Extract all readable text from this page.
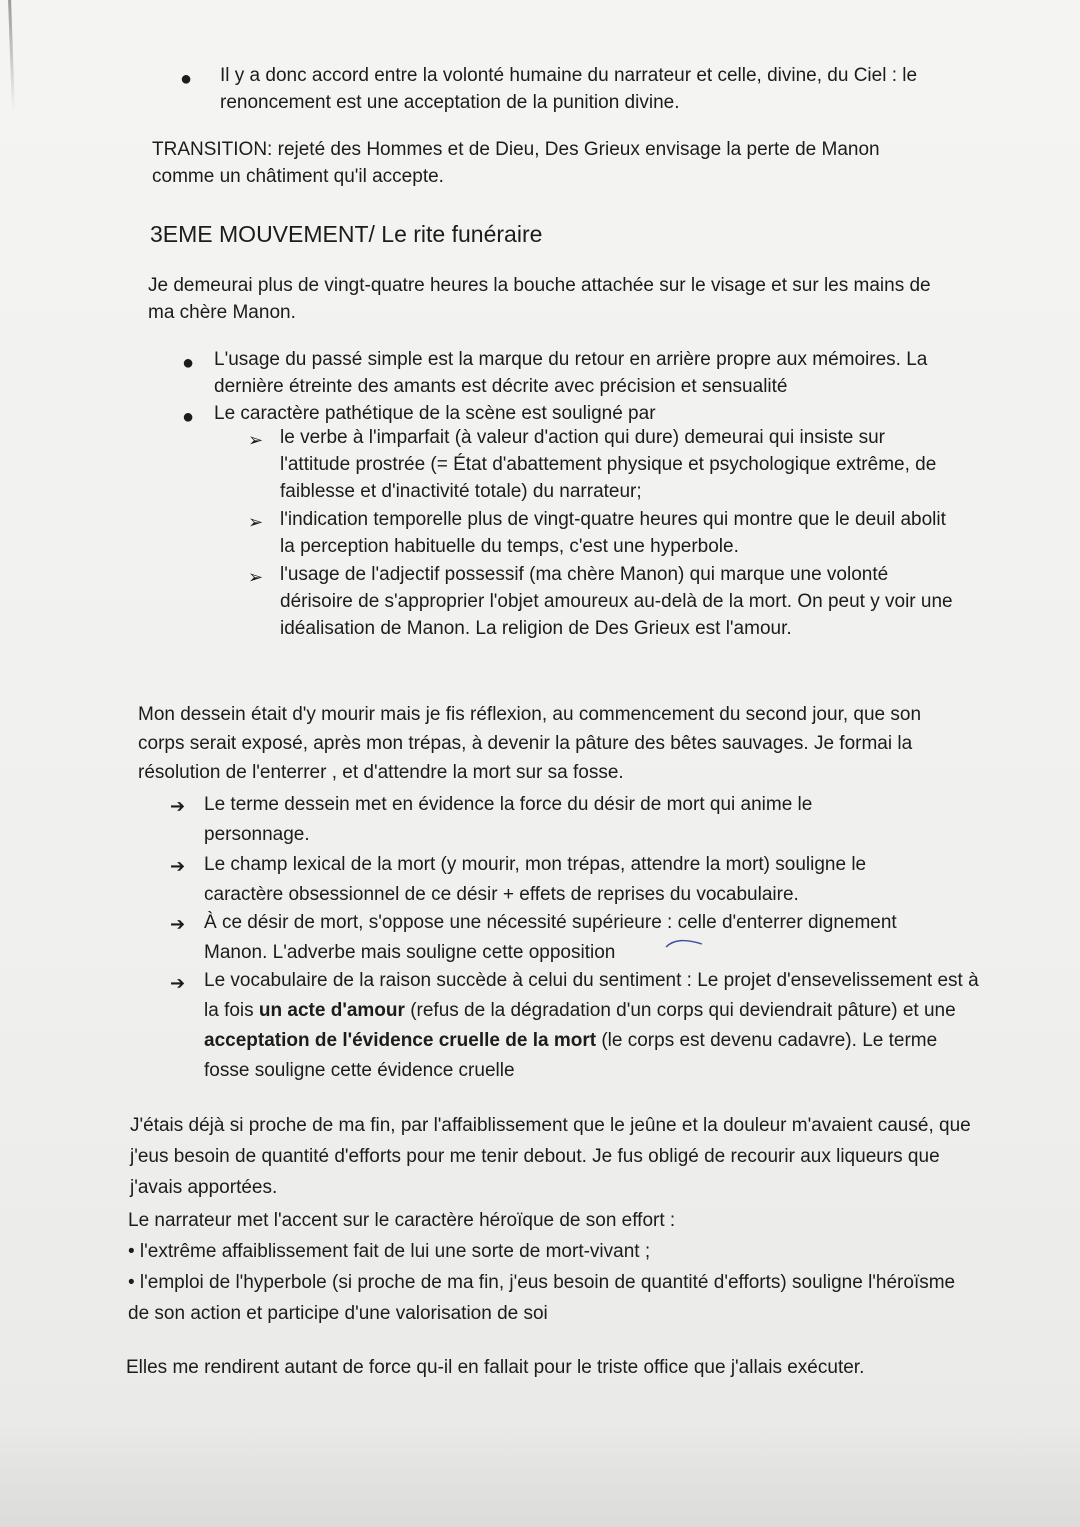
● Il y a donc accord entre la volonté humaine du narrateur et celle, divine, du Ciel : le renoncement est une acceptation de la punition divine.
TRANSITION: rejeté des Hommes et de Dieu, Des Grieux envisage la perte de Manon comme un châtiment qu'il accepte.
3EME MOUVEMENT/ Le rite funéraire
Je demeurai plus de vingt-quatre heures la bouche attachée sur le visage et sur les mains de ma chère Manon.
● L'usage du passé simple est la marque du retour en arrière propre aux mémoires. La dernière étreinte des amants est décrite avec précision et sensualité
● Le caractère pathétique de la scène est souligné par
➢ le verbe à l'imparfait (à valeur d'action qui dure) demeurai qui insiste sur l'attitude prostrée (= État d'abattement physique et psychologique extrême, de faiblesse et d'inactivité totale) du narrateur;
➢ l'indication temporelle plus de vingt-quatre heures qui montre que le deuil abolit la perception habituelle du temps, c'est une hyperbole.
➢ l'usage de l'adjectif possessif (ma chère Manon) qui marque une volonté dérisoire de s'approprier l'objet amoureux au-delà de la mort. On peut y voir une idéalisation de Manon. La religion de Des Grieux est l'amour.
Mon dessein était d'y mourir mais je fis réflexion, au commencement du second jour, que son corps serait exposé, après mon trépas, à devenir la pâture des bêtes sauvages. Je formai la résolution de l'enterrer , et d'attendre la mort sur sa fosse.
➔ Le terme dessein met en évidence la force du désir de mort qui anime le personnage.
➔ Le champ lexical de la mort (y mourir, mon trépas, attendre la mort) souligne le caractère obsessionnel de ce désir + effets de reprises du vocabulaire.
➔ À ce désir de mort, s'oppose une nécessité supérieure : celle d'enterrer dignement Manon. L'adverbe mais souligne cette opposition
➔ Le vocabulaire de la raison succède à celui du sentiment : Le projet d'ensevelissement est à la fois un acte d'amour (refus de la dégradation d'un corps qui deviendrait pâture) et une acceptation de l'évidence cruelle de la mort (le corps est devenu cadavre). Le terme fosse souligne cette évidence cruelle
J'étais déjà si proche de ma fin, par l'affaiblissement que le jeûne et la douleur m'avaient causé, que j'eus besoin de quantité d'efforts pour me tenir debout. Je fus obligé de recourir aux liqueurs que j'avais apportées.
Le narrateur met l'accent sur le caractère héroïque de son effort :
• l'extrême affaiblissement fait de lui une sorte de mort-vivant ;
• l'emploi de l'hyperbole (si proche de ma fin, j'eus besoin de quantité d'efforts) souligne l'héroïsme de son action et participe d'une valorisation de soi
Elles me rendirent autant de force qu-il en fallait pour le triste office que j'allais exécuter.
